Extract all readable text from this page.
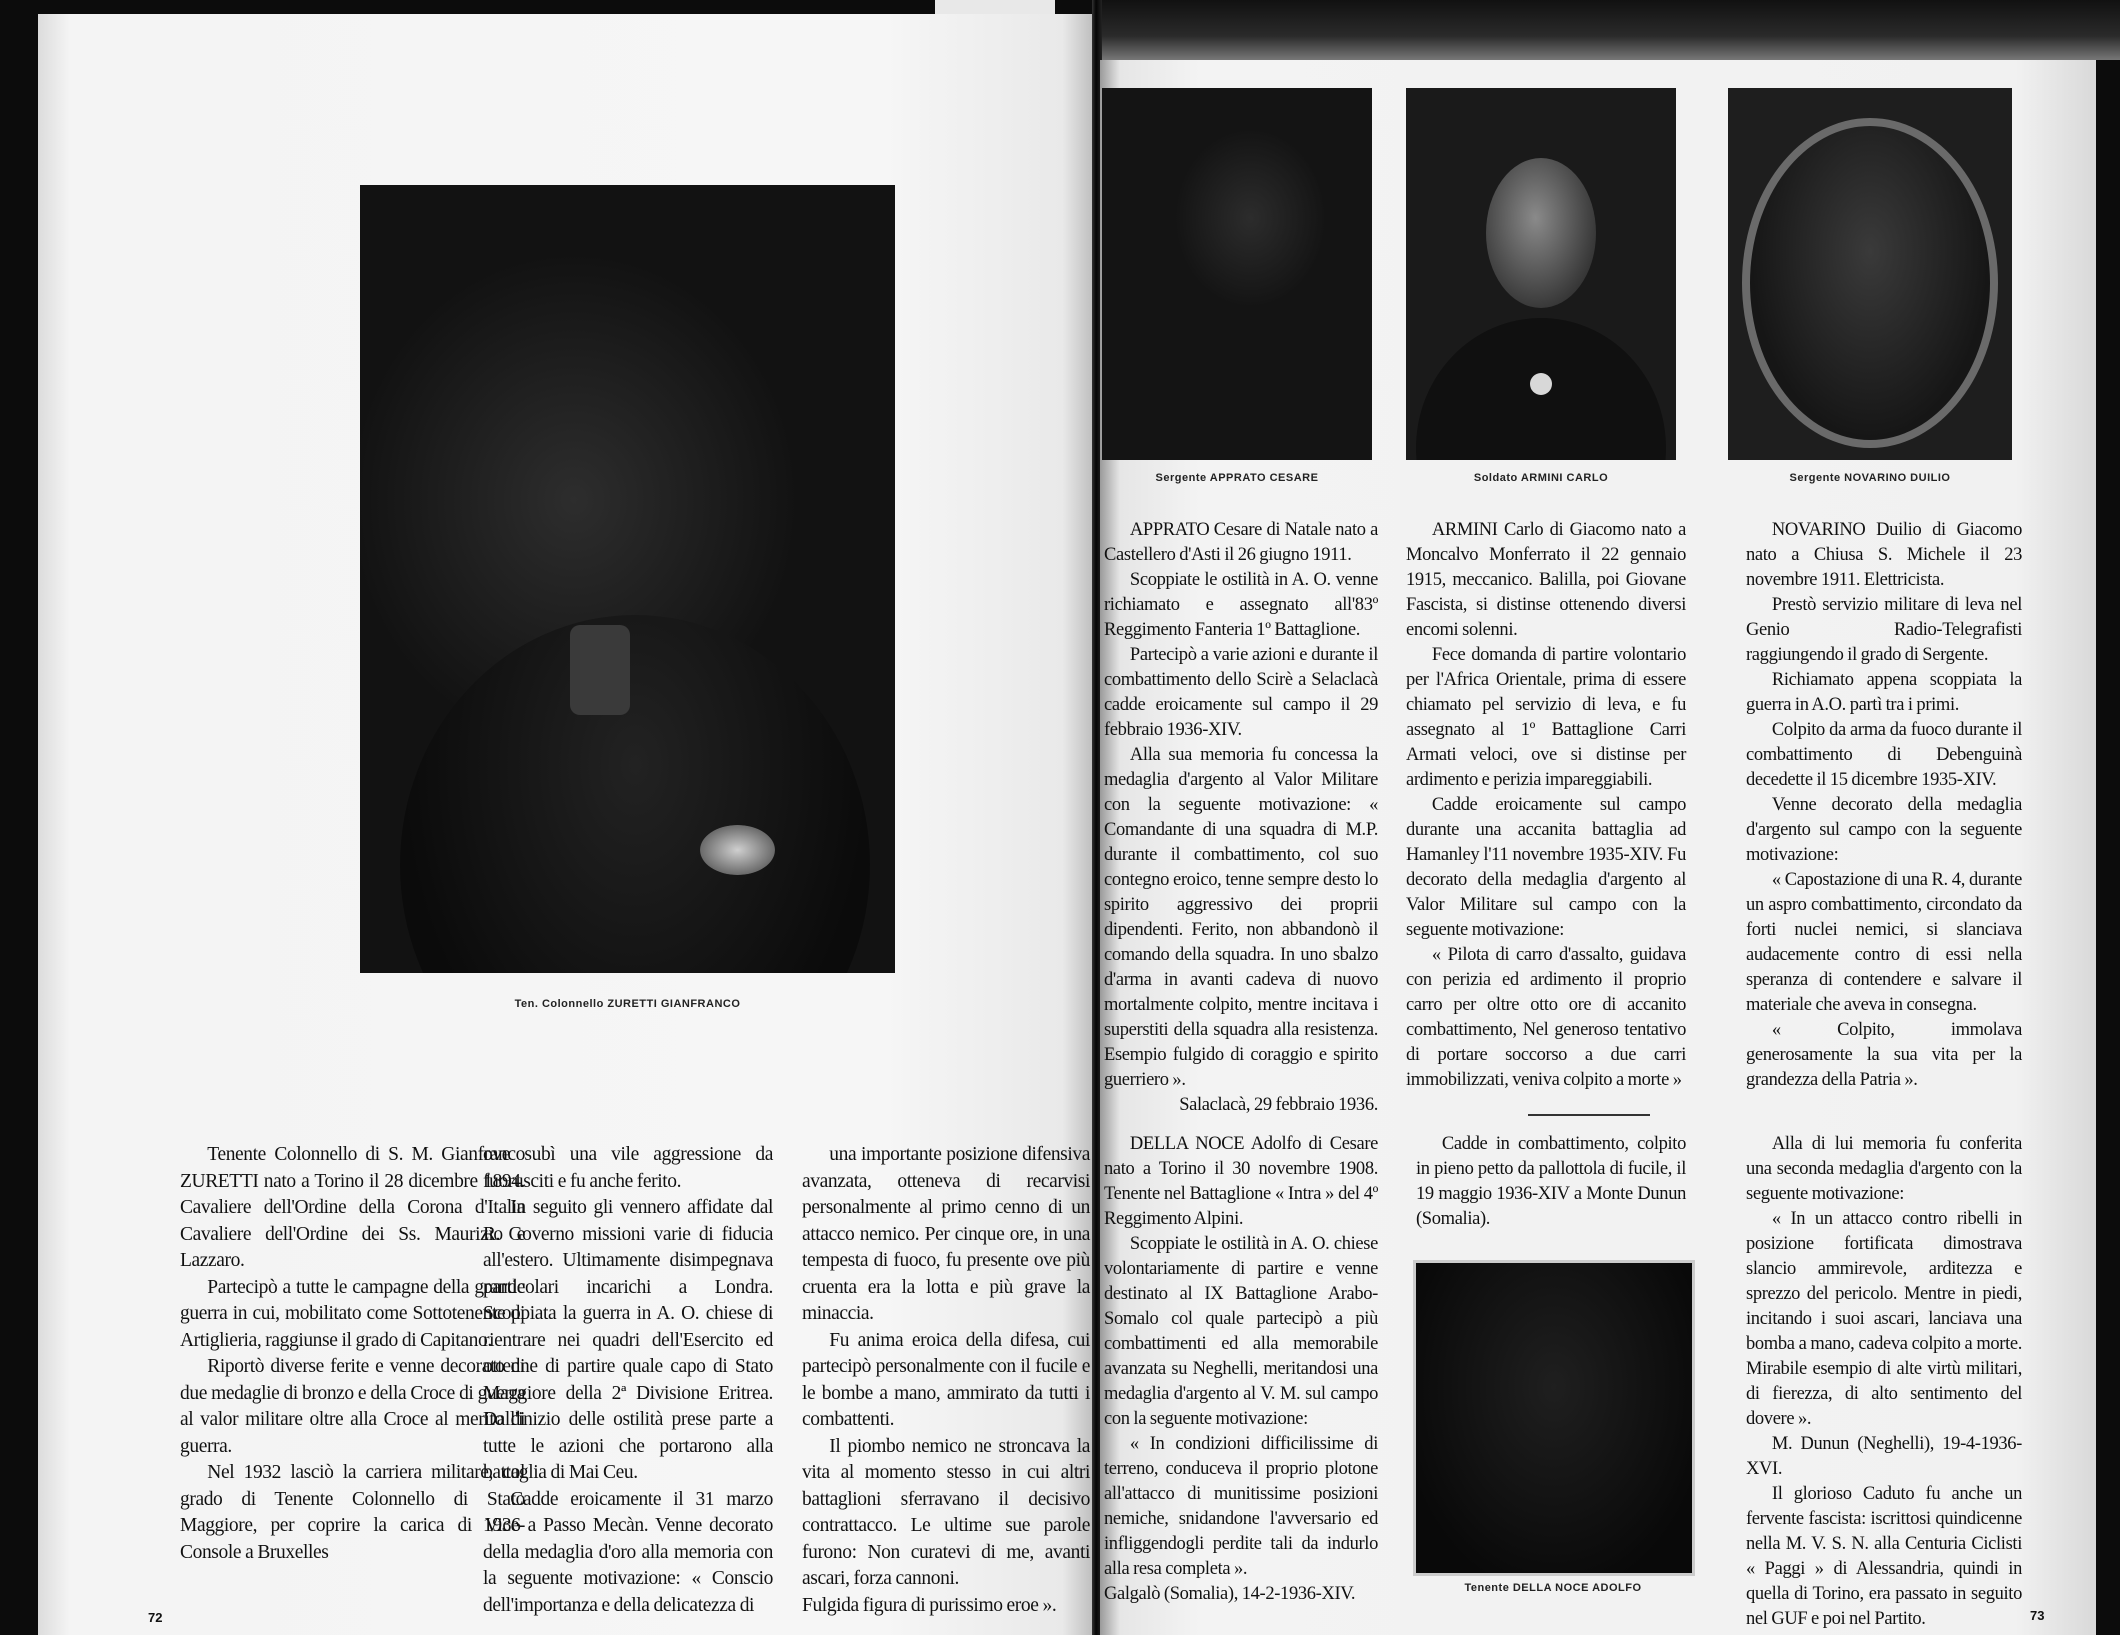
Ten. Colonnello ZURETTI GIANFRANCO

Tenente Colonnello di S. M. Gianfranco ZURETTI nato a Torino il 28 dicembre 1894. Cavaliere dell'Ordine della Corona d'Italia Cavaliere dell'Ordine dei Ss. Maurizio e Lazzaro.

Partecipò a tutte le campagne della grande guerra in cui, mobilitato come Sottotenente di Artiglieria, raggiunse il grado di Capitano.

Riportò diverse ferite e venne decorato di due medaglie di bronzo e della Croce di guerra al valor militare oltre alla Croce al merito di guerra.

Nel 1932 lasciò la carriera militare, col grado di Tenente Colonnello di Stato Maggiore, per coprire la carica di Vice-Console a Bruxelles

ove subì una vile aggressione da fuorusciti e fu anche ferito.

In seguito gli vennero affidate dal R. Governo missioni varie di fiducia all'estero. Ultimamente disimpegnava particolari incarichi a Londra. Scoppiata la guerra in A. O. chiese di rientrare nei quadri dell'Esercito ed ottenne di partire quale capo di Stato Maggiore della 2ª Divisione Eritrea. Dall'inizio delle ostilità prese parte a tutte le azioni che portarono alla battaglia di Mai Ceu.

Cadde eroicamente il 31 marzo 1936 a Passo Mecàn. Venne decorato della medaglia d'oro alla memoria con la seguente motivazione: « Conscio dell'importanza e della delicatezza di

una importante posizione difensiva avanzata, otteneva di recarvisi personalmente al primo cenno di un attacco nemico. Per cinque ore, in una tempesta di fuoco, fu presente ove più cruenta era la lotta e più grave la minaccia.

Fu anima eroica della difesa, cui partecipò personalmente con il fucile e le bombe a mano, ammirato da tutti i combattenti.

Il piombo nemico ne stroncava la vita al momento stesso in cui altri battaglioni sferravano il decisivo contrattacco. Le ultime sue parole furono: Non curatevi di me, avanti ascari, forza cannoni.

Fulgida figura di purissimo eroe ».

72
Sergente APPRATO CESARE	Soldato ARMINI CARLO	Sergente NOVARINO DUILIO

APPRATO Cesare di Natale nato a Castellero d'Asti il 26 giugno 1911.

Scoppiate le ostilità in A. O. venne richiamato e assegnato all'83º Reggimento Fanteria 1º Battaglione.

Partecipò a varie azioni e durante il combattimento dello Scirè a Selaclacà cadde eroicamente sul campo il 29 febbraio 1936-XIV.

Alla sua memoria fu concessa la medaglia d'argento al Valor Militare con la seguente motivazione: « Comandante di una squadra di M.P. durante il combattimento, col suo contegno eroico, tenne sempre desto lo spirito aggressivo dei proprii dipendenti. Ferito, non abbandonò il comando della squadra. In uno sbalzo d'arma in avanti cadeva di nuovo mortalmente colpito, mentre incitava i superstiti della squadra alla resistenza. Esempio fulgido di coraggio e spirito guerriero ».

Salaclacà, 29 febbraio 1936.

ARMINI Carlo di Giacomo nato a Moncalvo Monferrato il 22 gennaio 1915, meccanico. Balilla, poi Giovane Fascista, si distinse ottenendo diversi encomi solenni.

Fece domanda di partire volontario per l'Africa Orientale, prima di essere chiamato pel servizio di leva, e fu assegnato al 1º Battaglione Carri Armati veloci, ove si distinse per ardimento e perizia impareggiabili.

Cadde eroicamente sul campo durante una accanita battaglia ad Hamanley l'11 novembre 1935-XIV. Fu decorato della medaglia d'argento al Valor Militare sul campo con la seguente motivazione:

« Pilota di carro d'assalto, guidava con perizia ed ardimento il proprio carro per oltre otto ore di accanito combattimento, Nel generoso tentativo di portare soccorso a due carri immobilizzati, veniva colpito a morte »

NOVARINO Duilio di Giacomo nato a Chiusa S. Michele il 23 novembre 1911. Elettricista.

Prestò servizio militare di leva nel Genio Radio-Telegrafisti raggiungendo il grado di Sergente.

Richiamato appena scoppiata la guerra in A.O. partì tra i primi.

Colpito da arma da fuoco durante il combattimento di Debenguinà decedette il 15 dicembre 1935-XIV.

Venne decorato della medaglia d'argento sul campo con la seguente motivazione:

« Capostazione di una R. 4, durante un aspro combattimento, circondato da forti nuclei nemici, si slanciava audacemente contro di essi nella speranza di contendere e salvare il materiale che aveva in consegna.

« Colpito, immolava generosamente la sua vita per la grandezza della Patria ».

DELLA NOCE Adolfo di Cesare nato a Torino il 30 novembre 1908. Tenente nel Battaglione « Intra » del 4º Reggimento Alpini.

Scoppiate le ostilità in A. O. chiese volontariamente di partire e venne destinato al IX Battaglione Arabo-Somalo col quale partecipò a più combattimenti ed alla memorabile avanzata su Neghelli, meritandosi una medaglia d'argento al V. M. sul campo con la seguente motivazione:

« In condizioni difficilissime di terreno, conduceva il proprio plotone all'attacco di munitissime posizioni nemiche, snidandone l'avversario ed infliggendogli perdite tali da indurlo alla resa completa ».

Galgalò (Somalia), 14-2-1936-XIV.

Cadde in combattimento, colpito in pieno petto da pallottola di fucile, il 19 maggio 1936-XIV a Monte Dunun (Somalia).

Alla di lui memoria fu conferita una seconda medaglia d'argento con la seguente motivazione:

« In un attacco contro ribelli in posizione fortificata dimostrava slancio ammirevole, arditezza e sprezzo del pericolo. Mentre in piedi, incitando i suoi ascari, lanciava una bomba a mano, cadeva colpito a morte. Mirabile esempio di alte virtù militari, di fierezza, di alto sentimento del dovere ».

M. Dunun (Neghelli), 19-4-1936-XVI.

Il glorioso Caduto fu anche un fervente fascista: iscrittosi quindicenne nella M. V. S. N. alla Centuria Ciclisti « Paggi » di Alessandria, quindi in quella di Torino, era passato in seguito nel GUF e poi nel Partito.

Tenente DELLA NOCE ADOLFO
73
